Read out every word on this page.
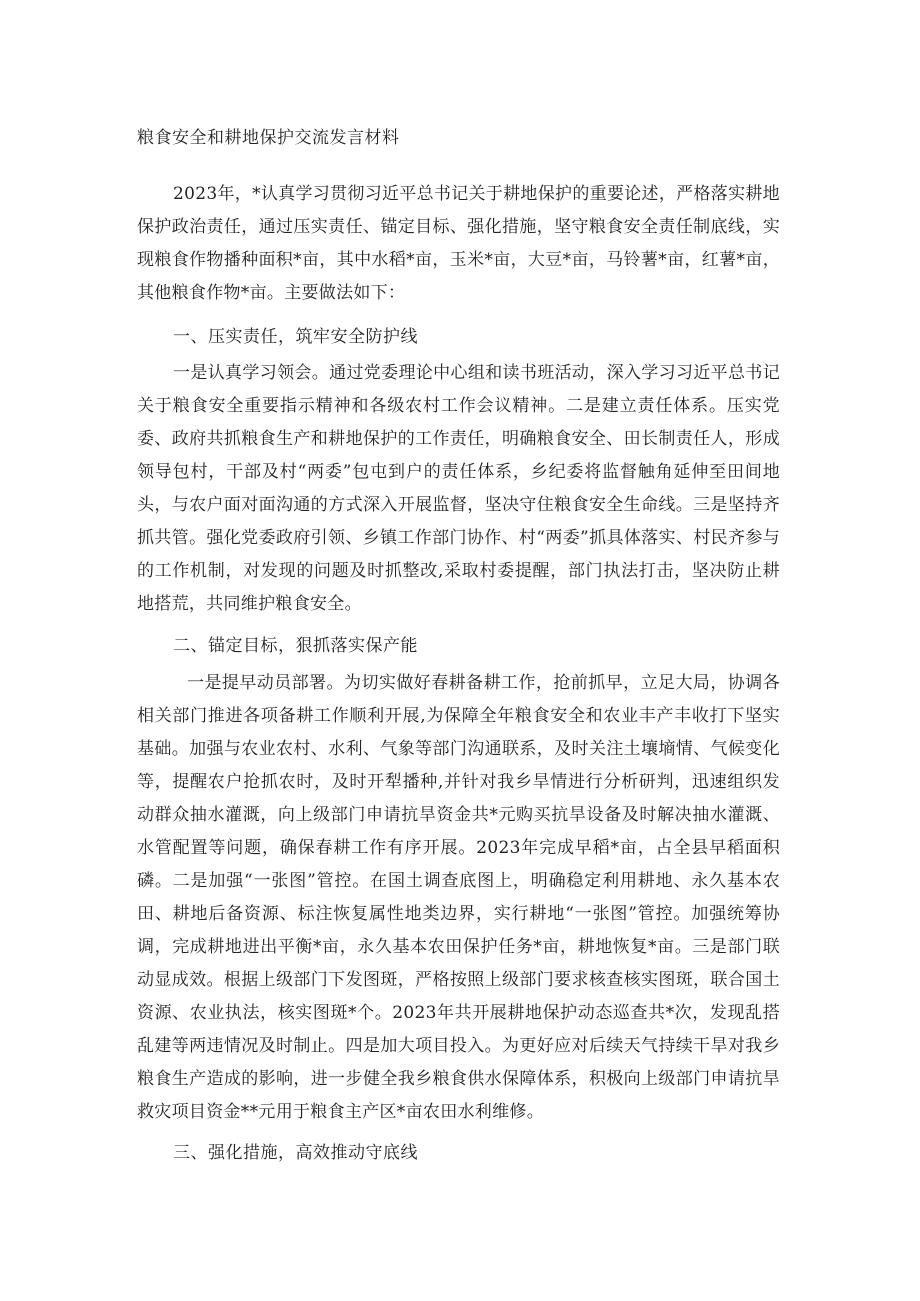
粮食安全和耕地保护交流发言材料

2023年，*认真学习贯彻习近平总书记关于耕地保护的重要论述，严格落实耕地保护政治责任，通过压实责任、锚定目标、强化措施，坚守粮食安全责任制底线，实现粮食作物播种面积*亩，其中水稻*亩，玉米*亩，大豆*亩，马铃薯*亩，红薯*亩，其他粮食作物*亩。主要做法如下：

一、压实责任，筑牢安全防护线

一是认真学习领会。通过党委理论中心组和读书班活动，深入学习习近平总书记关于粮食安全重要指示精神和各级农村工作会议精神。二是建立责任体系。压实党委、政府共抓粮食生产和耕地保护的工作责任，明确粮食安全、田长制责任人，形成领导包村，干部及村“两委”包屯到户的责任体系，乡纪委将监督触角延伸至田间地头，与农户面对面沟通的方式深入开展监督，坚决守住粮食安全生命线。三是坚持齐抓共管。强化党委政府引领、乡镇工作部门协作、村“两委”抓具体落实、村民齐参与的工作机制，对发现的问题及时抓整改,采取村委提醒，部门执法打击，坚决防止耕地搭荒，共同维护粮食安全。

二、锚定目标，狠抓落实保产能

一是提早动员部署。为切实做好春耕备耕工作，抢前抓早，立足大局，协调各相关部门推进各项备耕工作顺利开展,为保障全年粮食安全和农业丰产丰收打下坚实基础。加强与农业农村、水利、气象等部门沟通联系，及时关注土壤墒情、气候变化等，提醒农户抢抓农时，及时开犁播种,并针对我乡旱情进行分析研判，迅速组织发动群众抽水灌溉，向上级部门申请抗旱资金共*元购买抗旱设备及时解决抽水灌溉、水管配置等问题，确保春耕工作有序开展。2023年完成早稻*亩，占全县早稻面积磷。二是加强“一张图”管控。在国土调查底图上，明确稳定利用耕地、永久基本农田、耕地后备资源、标注恢复属性地类边界，实行耕地“一张图”管控。加强统筹协调，完成耕地进出平衡*亩，永久基本农田保护任务*亩，耕地恢复*亩。三是部门联动显成效。根据上级部门下发图斑，严格按照上级部门要求核查核实图斑，联合国土资源、农业执法，核实图斑*个。2023年共开展耕地保护动态巡查共*次，发现乱搭乱建等两违情况及时制止。四是加大项目投入。为更好应对后续天气持续干旱对我乡粮食生产造成的影响，进一步健全我乡粮食供水保障体系，积极向上级部门申请抗旱救灾项目资金**元用于粮食主产区*亩农田水利维修。

三、强化措施，高效推动守底线
